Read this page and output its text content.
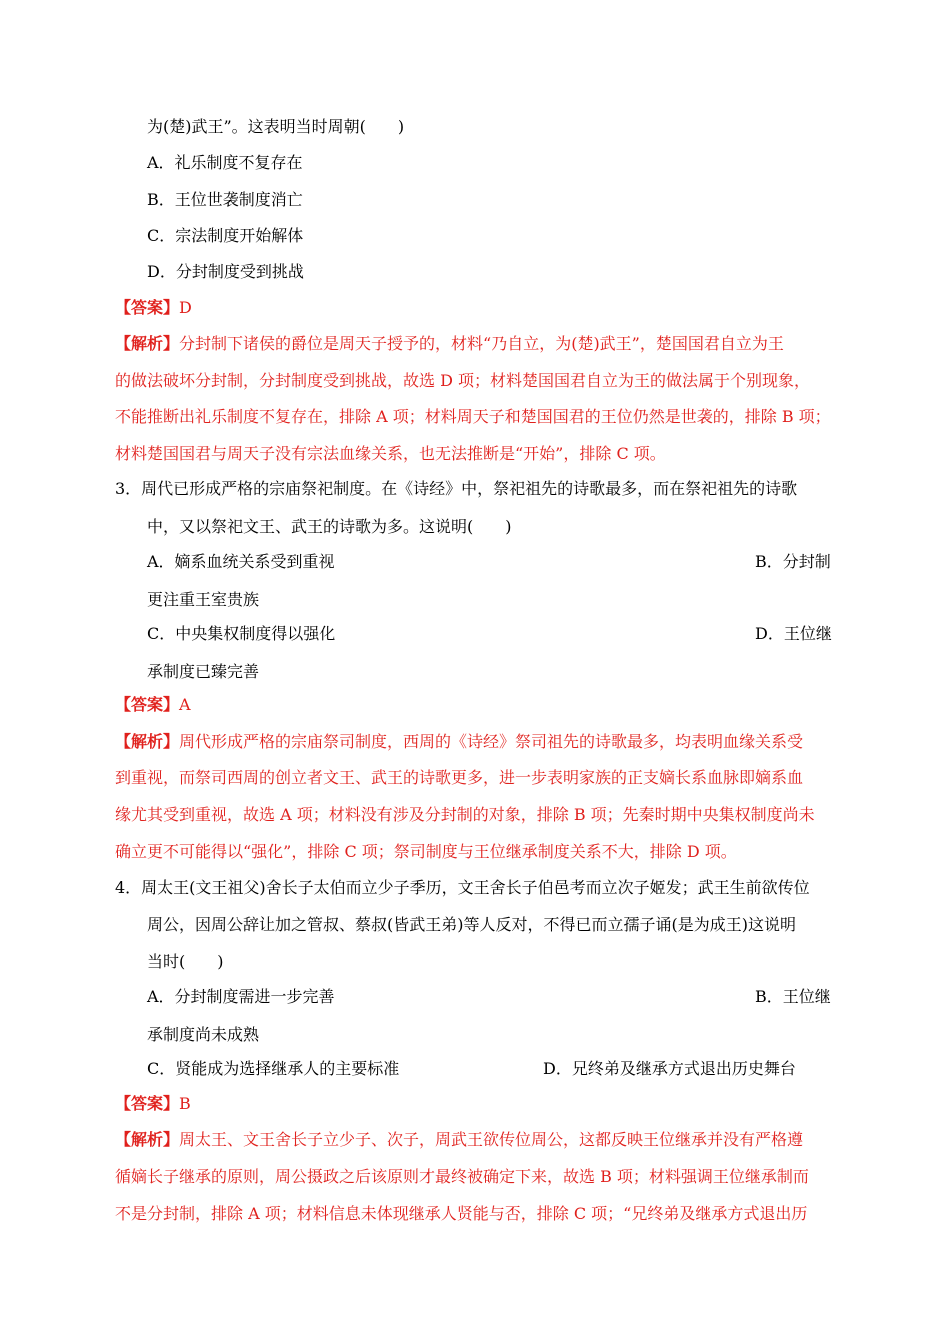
为(楚)武王”。这表明当时周朝(　　)
A．礼乐制度不复存在
B．王位世袭制度消亡
C．宗法制度开始解体
D．分封制度受到挑战
【答案】D
【解析】分封制下诸侯的爵位是周天子授予的，材料“乃自立，为(楚)武王”，楚国国君自立为王
的做法破坏分封制，分封制度受到挑战，故选 D 项；材料楚国国君自立为王的做法属于个别现象，
不能推断出礼乐制度不复存在，排除 A 项；材料周天子和楚国国君的王位仍然是世袭的，排除 B 项；
材料楚国国君与周天子没有宗法血缘关系，也无法推断是“开始”，排除 C 项。
3．周代已形成严格的宗庙祭祀制度。在《诗经》中，祭祀祖先的诗歌最多，而在祭祀祖先的诗歌
中，又以祭祀文王、武王的诗歌为多。这说明(　　)
A．嫡系血统关系受到重视	B．分封制
更注重王室贵族
C．中央集权制度得以强化	D．王位继
承制度已臻完善
【答案】A
【解析】周代形成严格的宗庙祭司制度，西周的《诗经》祭司祖先的诗歌最多，均表明血缘关系受
到重视，而祭司西周的创立者文王、武王的诗歌更多，进一步表明家族的正支嫡长系血脉即嫡系血
缘尤其受到重视，故选 A 项；材料没有涉及分封制的对象，排除 B 项；先秦时期中央集权制度尚未
确立更不可能得以“强化”，排除 C 项；祭司制度与王位继承制度关系不大，排除 D 项。
4．周太王(文王祖父)舍长子太伯而立少子季历，文王舍长子伯邑考而立次子姬发；武王生前欲传位
周公，因周公辞让加之管叔、蔡叔(皆武王弟)等人反对，不得已而立孺子诵(是为成王)这说明
当时(　　)
A．分封制度需进一步完善	B．王位继
承制度尚未成熟
C．贤能成为选择继承人的主要标准	D．兄终弟及继承方式退出历史舞台
【答案】B
【解析】周太王、文王舍长子立少子、次子，周武王欲传位周公，这都反映王位继承并没有严格遵
循嫡长子继承的原则，周公摄政之后该原则才最终被确定下来，故选 B 项；材料强调王位继承制而
不是分封制，排除 A 项；材料信息未体现继承人贤能与否，排除 C 项；“兄终弟及继承方式退出历
